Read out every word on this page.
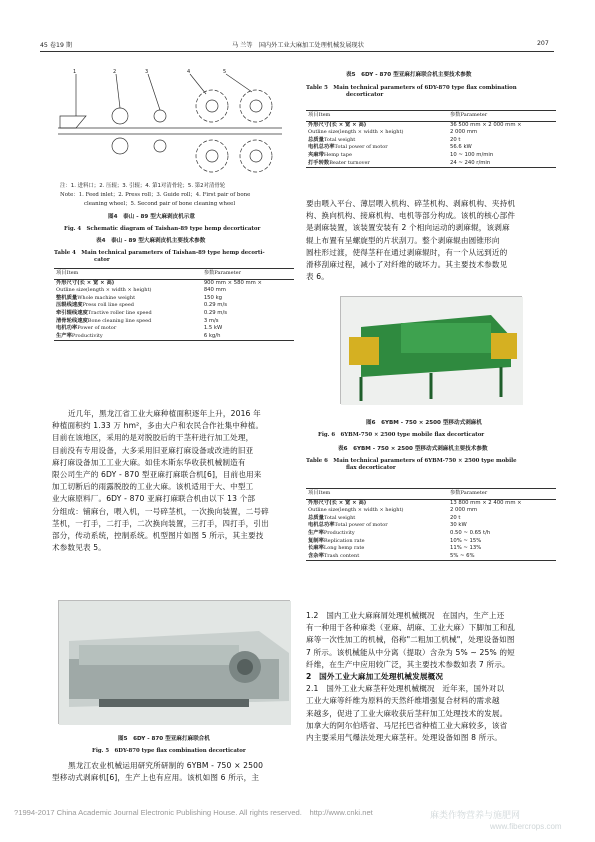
45 卷19 期	马 兰等　 国内外工业大麻加工处理机械发展现状	207
1	2	3	4	5
注：1. 进料口；2. 压辊；3. 引辊；4. 第1对清骨轮；5. 第2对清骨轮
Note：1. Feed inlet；2. Press roll；3. Guide roll；4. First pair of bone
cleaning wheel；5. Second pair of bone cleaning wheel
图4　泰山 - 89 型大麻剥皮机示意
Fig. 4　Schematic diagram of Taishan-89 type hemp decorticator
表4　泰山 - 89 型大麻剥皮机主要技术参数
Table 4　Main technical parameters of Taishan-89 type hemp decorti-
cator
项目Item	参数Parameter
外形尺寸(长 × 宽 × 高)
Outline size(length × width × height)	900 mm × 580 mm ×
840 mm
整机质量Whole machine weight	150 kg
压辊线速度Press roll line speed	0.29 m/s
牵引辊线速度Tractive roller line speed	0.29 m/s
清骨轮线速度Bone cleaning line speed	3 m/s
电机功率Power of motor	1.5 kW
生产率Productivity	6 kg/h
近几年，黑龙江省工业大麻种植面积逐年上升，2016 年
种植面积约 1.33 万 hm²，多由大户和农民合作社集中种植。
目前在该地区，采用的是对脱胶后的干茎秆进行加工处理，
目前没有专用设备，大多采用旧亚麻打麻设备或改进的旧亚
麻打麻设备加工工业大麻。如佳木斯东华收获机械制造有
限公司生产的 6DY - 870 型亚麻打麻联合机[6]，目前也用来
加工切断后的雨露脱胶的工业大麻。该机适用于大、中型工
业大麻原料厂。6DY - 870 亚麻打麻联合机由以下 13 个部
分组成：铺麻台，喂入机，一号碎茎机，一次换向装置，二号碎
茎机，一打手，二打手，二次换向装置，三打手，四打手，引出
部分，传动系统，控制系统。机型图片如图 5 所示，其主要技
术参数见表 5。
图5　6DY - 870 型亚麻打麻联合机
Fig. 5　6DY-870 type flax combination decorticator
黑龙江农业机械运用研究所研制的 6YBM - 750 × 2500
型移动式剥麻机[6]，生产上也有应用。该机如图 6 所示，主
表5　6DY - 870 型亚麻打麻联合机主要技术参数
Table 5　Main technical parameters of 6DY-870 type flax combination
decorticator
项目Item	参数Parameter
外形尺寸(长 × 宽 × 高)
Outline size(length × width × height)	36 500 mm × 2 000 mm ×
2 000 mm
总质量Total weight	20 t
电机总功率Total power of motor	56.6 kW
夹麻带Hemp tape	10 ~ 100 m/min
打手转数Beater turnover	24 ~ 240 r/min
要由喂入平台、薄层喂入机构、碎茎机构、剥麻机构、夹持机
构、换向机构、接麻机构、电机等部分构成。该机的核心部件
是剥麻装置，该装置安装有 2 个相向运动的剥麻辊，该剥麻
辊上布置有呈螺旋型的片状刮刀。整个剥麻辊由圆锥形向
圆柱形过渡，使得茎秆在通过剥麻辊时，有一个从远到近的
滑移刮麻过程，减小了对纤维的破坏力。其主要技术参数见
表 6。
图6　6YBM - 750 × 2500 型移动式剥麻机
Fig. 6　6YBM-750 × 2500 type mobile flax decorticator
表6　6YBM - 750 × 2500 型移动式剥麻机主要技术参数
Table 6　Main technical parameters of 6YBM-750 × 2500 type mobile
flax decorticator
项目Item	参数Parameter
外形尺寸(长 × 宽 × 高)
Outline size(length × width × height)	13 800 mm × 2 400 mm ×
2 000 mm
总质量Total weight	20 t
电机总功率Total power of motor	30 kW
生产率Productivity	0.50 ~ 0.65 t/h
复制率Replication rate	10% ~ 15%
长麻率Long hemp rate	11% ~ 13%
含杂率Trash content	5% ~ 6%
1.2　国内工业大麻麻屑处理机械概况　在国内，生产上还
有一种用于各种麻类（亚麻、胡麻、工业大麻）下脚加工和乱
麻等一次性加工的机械，俗称"二粗加工机械"，处理设备如图
7 所示。该机械能从中分离（提取）含杂为 5% ~ 25% 的短
纤维，在生产中应用较广泛，其主要技术参数如表 7 所示。
2　国外工业大麻加工处理机械发展概况
2.1　国外工业大麻茎秆处理机械概况　近年来，国外对以
工业大麻等纤维为原料的天然纤维增强复合材料的需求越
来越多，促进了工业大麻收获后茎秆加工处理技术的发展。
加拿大的阿尔伯塔省、马尼托巴省种植工业大麻较多，该省
内主要采用气爆法处理大麻茎秆。处理设备如图 8 所示。
?1994-2017 China Academic Journal Electronic Publishing House. All rights reserved.　http://www.cnki.net	麻类作物营养与施肥网
www.fibercrops.com
